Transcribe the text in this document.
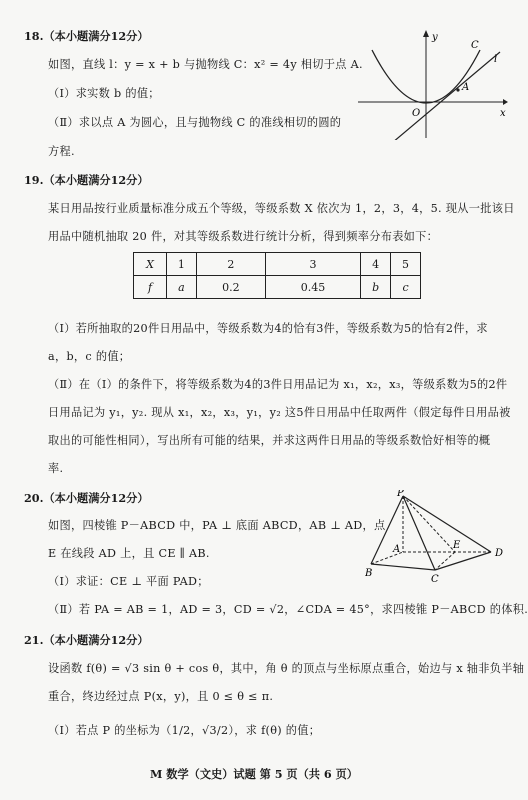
18.（本小题满分12分）
如图，直线 l：y = x + b 与抛物线 C：x² = 4y 相切于点 A.
（Ⅰ）求实数 b 的值；
（Ⅱ）求以点 A 为圆心，且与抛物线 C 的准线相切的圆的
方程.
y
x
C
l
A
O
19.（本小题满分12分）
某日用品按行业质量标准分成五个等级，等级系数 X 依次为 1，2，3，4，5. 现从一批该日
用品中随机抽取 20 件，对其等级系数进行统计分析，得到频率分布表如下：
X	1	2	3	4	5
f	a	0.2	0.45	b	c
（Ⅰ）若所抽取的20件日用品中，等级系数为4的恰有3件，等级系数为5的恰有2件，求
a，b，c 的值；
（Ⅱ）在（Ⅰ）的条件下，将等级系数为4的3件日用品记为 x₁，x₂，x₃，等级系数为5的2件
日用品记为 y₁，y₂. 现从 x₁，x₂，x₃，y₁，y₂ 这5件日用品中任取两件（假定每件日用品被
取出的可能性相同），写出所有可能的结果，并求这两件日用品的等级系数恰好相等的概
率.
20.（本小题满分12分）
如图，四棱锥 P－ABCD 中，PA ⊥ 底面 ABCD，AB ⊥ AD，点
E 在线段 AD 上，且 CE ∥ AB.
（Ⅰ）求证：CE ⊥ 平面 PAD；
（Ⅱ）若 PA = AB = 1，AD = 3，CD = √2，∠CDA = 45°，求四棱锥 P－ABCD 的体积.
P
A
B
C
D
E
21.（本小题满分12分）
设函数 f(θ) = √3 sin θ + cos θ，其中，角 θ 的顶点与坐标原点重合，始边与 x 轴非负半轴
重合，终边经过点 P(x，y)，且 0 ≤ θ ≤ π.
（Ⅰ）若点 P 的坐标为（1/2，√3/2），求 f(θ) 的值；
M 数学（文史）试题 第 5 页（共 6 页）
